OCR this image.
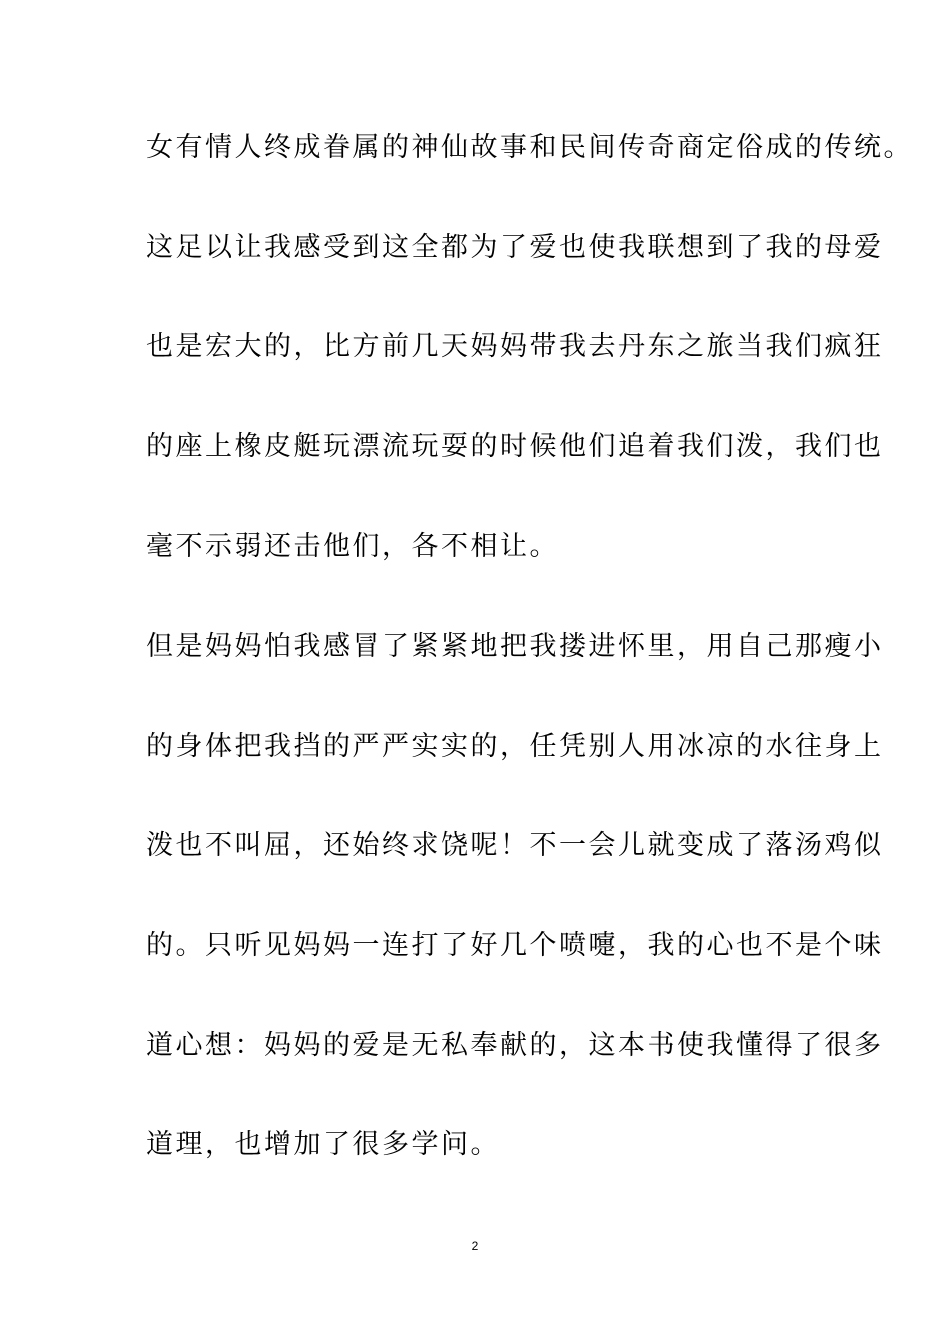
女有情人终成眷属的神仙故事和民间传奇商定俗成的传统。
这足以让我感受到这全都为了爱也使我联想到了我的母爱
也是宏大的，比方前几天妈妈带我去丹东之旅当我们疯狂
的座上橡皮艇玩漂流玩耍的时候他们追着我们泼，我们也
毫不示弱还击他们，各不相让。
但是妈妈怕我感冒了紧紧地把我搂进怀里，用自己那瘦小
的身体把我挡的严严实实的，任凭别人用冰凉的水往身上
泼也不叫屈，还始终求饶呢！不一会儿就变成了落汤鸡似
的。只听见妈妈一连打了好几个喷嚏，我的心也不是个味
道心想：妈妈的爱是无私奉献的，这本书使我懂得了很多
道理，也增加了很多学问。
2
